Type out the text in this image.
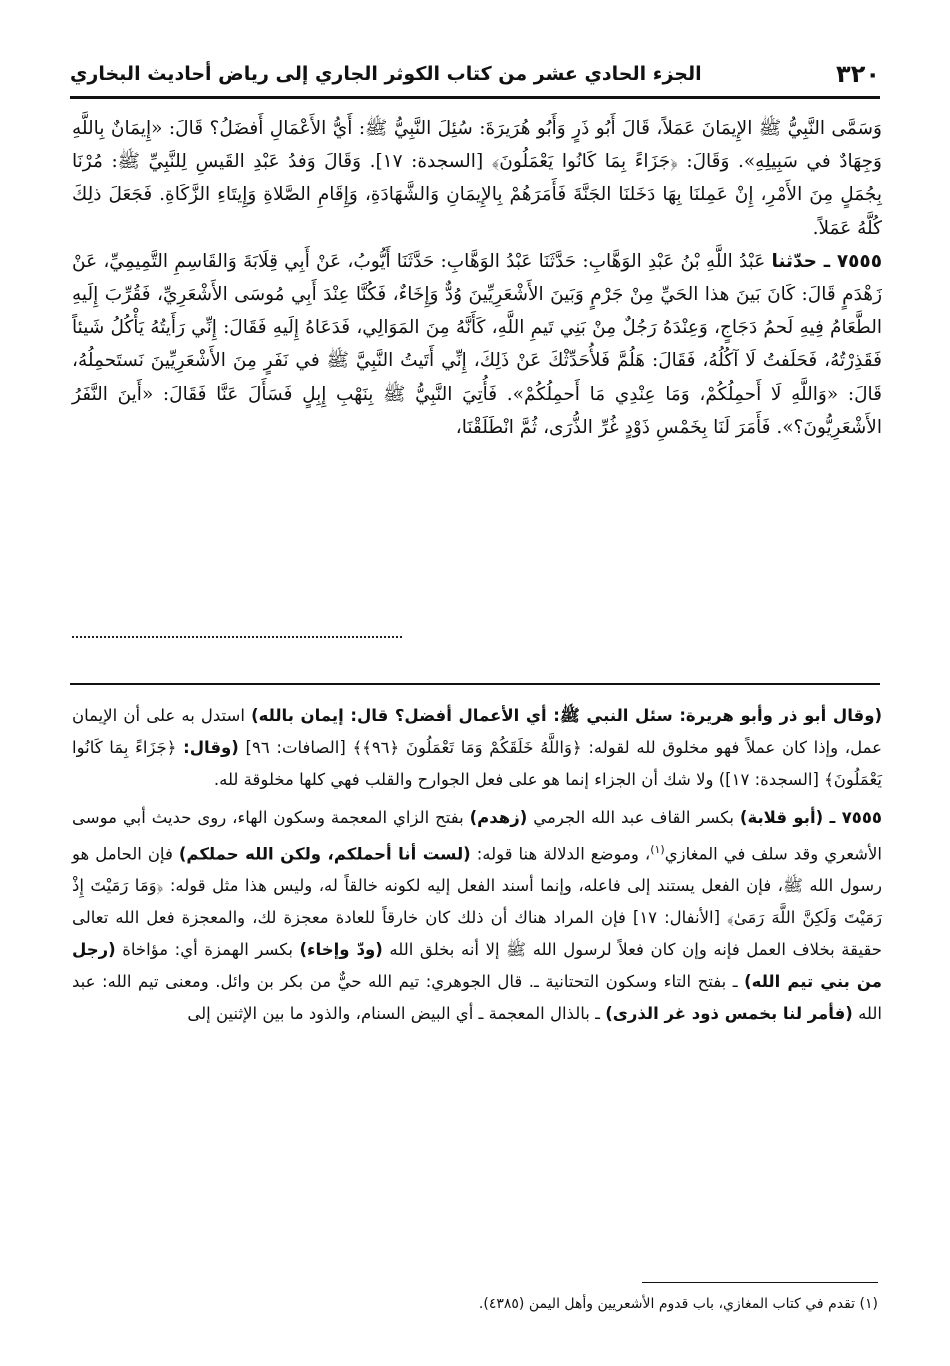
٣٢٠
الجزء الحادي عشر من كتاب الكوثر الجاري إلى رياض أحاديث البخاري

وَسَمَّى النَّبِيُّ ﷺ الإِيمَانَ عَمَلاً، قَالَ أَبُو ذَرٍ وَأَبُو هُرَيرَةَ: سُئِلَ النَّبِيُّ ﷺ: أَيُّ الأَعْمَالِ أَفضَلُ؟ قَالَ: «إِيمَانٌ بِاللَّهِ وَجِهَادٌ في سَبِيلِهِ». وَقَالَ: ﴿جَزَاءً بِمَا كَانُوا يَعْمَلُونَ﴾ [السجدة: ١٧]. وَقَالَ وَفدُ عَبْدِ القَيسِ لِلنَّبِيِّ ﷺ: مُرْنَا بِجُمَلٍ مِنَ الأَمْرِ، إِنْ عَمِلنَا بِهَا دَخَلنَا الجَنَّةَ فَأَمَرَهُمْ بِالإِيمَانِ وَالشَّهَادَةِ، وَإِقَامِ الصَّلاةِ وَإِيتَاءِ الزَّكَاةِ. فَجَعَلَ ذلِكَ كُلَّهُ عَمَلاً.

٧٥٥٥ ـ حدّثنا عَبْدُ اللَّهِ بْنُ عَبْدِ الوَهَّابِ: حَدَّثَنَا عَبْدُ الوَهَّابِ: حَدَّثَنَا أَيُّوبُ، عَنْ أَبِي قِلَابَةَ وَالقَاسِمِ التَّمِيمِيِّ، عَنْ زَهْدَمٍ قَالَ: كَانَ بَينَ هذا الحَيِّ مِنْ جَرْمٍ وَبَينَ الأَشْعَرِيِّينَ وُدٌّ وَإِخَاءٌ، فَكُنَّا عِنْدَ أَبِي مُوسَى الأَشْعَرِيِّ، فَقُرِّبَ إِلَيهِ الطَّعَامُ فِيهِ لَحمُ دَجَاجٍ، وَعِنْدَهُ رَجُلٌ مِنْ بَنِي تَيمِ اللَّهِ، كَأَنَّهُ مِنَ المَوَالِي، فَدَعَاهُ إِلَيهِ فَقَالَ: إِنِّي رَأَيتُهُ يَأْكُلُ شَيئاً فَقَذِرْتُهُ، فَحَلَفتُ لَا آكُلُهُ، فَقَالَ: هَلُمَّ فَلأُحَدِّثْكَ عَنْ ذَلِكَ، إِنِّي أَتَيتُ النَّبِيَّ ﷺ في نَفَرٍ مِنَ الأَشْعَرِيِّينَ نَستَحمِلُهُ، قَالَ: «وَاللَّهِ لَا أَحمِلُكُمْ، وَمَا عِنْدِي مَا أَحمِلُكُمْ». فَأُتِيَ النَّبِيُّ ﷺ بِنَهْبِ إِبِلٍ فَسَأَلَ عَنَّا فَقَالَ: «أَينَ النَّفَرُ الأَشْعَرِيُّونَ؟». فَأَمَرَ لَنَا بِخَمْسِ ذَوْدٍ غُرِّ الذُّرَى، ثُمَّ انْطَلَقْنَا،

(وقال أبو ذر وأبو هريرة: سئل النبي ﷺ: أي الأعمال أفضل؟ قال: إيمان بالله) استدل به على أن الإيمان عمل، وإذا كان عملاً فهو مخلوق لله لقوله: ﴿وَاللَّهُ خَلَقَكُمْ وَمَا تَعْمَلُونَ ﴿٩٦﴾﴾ [الصافات: ٩٦] (وقال: ﴿جَزَاءً بِمَا كَانُوا يَعْمَلُونَ﴾ [السجدة: ١٧]) ولا شك أن الجزاء إنما هو على فعل الجوارح والقلب فهي كلها مخلوقة لله.

٧٥٥٥ ـ (أبو قلابة) بكسر القاف عبد الله الجرمي (زهدم) بفتح الزاي المعجمة وسكون الهاء، روى حديث أبي موسى الأشعري وقد سلف في المغازي$^{(١)}$، وموضع الدلالة هنا قوله: (لست أنا أحملكم، ولكن الله حملكم) فإن الحامل هو رسول الله ﷺ، فإن الفعل يستند إلى فاعله، وإنما أسند الفعل إليه لكونه خالقاً له، وليس هذا مثل قوله: ﴿وَمَا رَمَيْتَ إِذْ رَمَيْتَ وَلَكِنَّ اللَّهَ رَمَىٰ﴾ [الأنفال: ١٧] فإن المراد هناك أن ذلك كان خارقاً للعادة معجزة لك، والمعجزة فعل الله تعالى حقيقة بخلاف العمل فإنه وإن كان فعلاً لرسول الله ﷺ إلا أنه بخلق الله (ودّ وإخاء) بكسر الهمزة أي: مؤاخاة (رجل من بني تيم الله) ـ بفتح التاء وسكون التحتانية ـ. قال الجوهري: تيم الله حيٌّ من بكر بن وائل. ومعنى تيم الله: عبد الله (فأمر لنا بخمس ذود غر الذرى) ـ بالذال المعجمة ـ أي البيض السنام، والذود ما بين الإثنين إلى

(١) تقدم في كتاب المغازي، باب قدوم الأشعريين وأهل اليمن (٤٣٨٥).
